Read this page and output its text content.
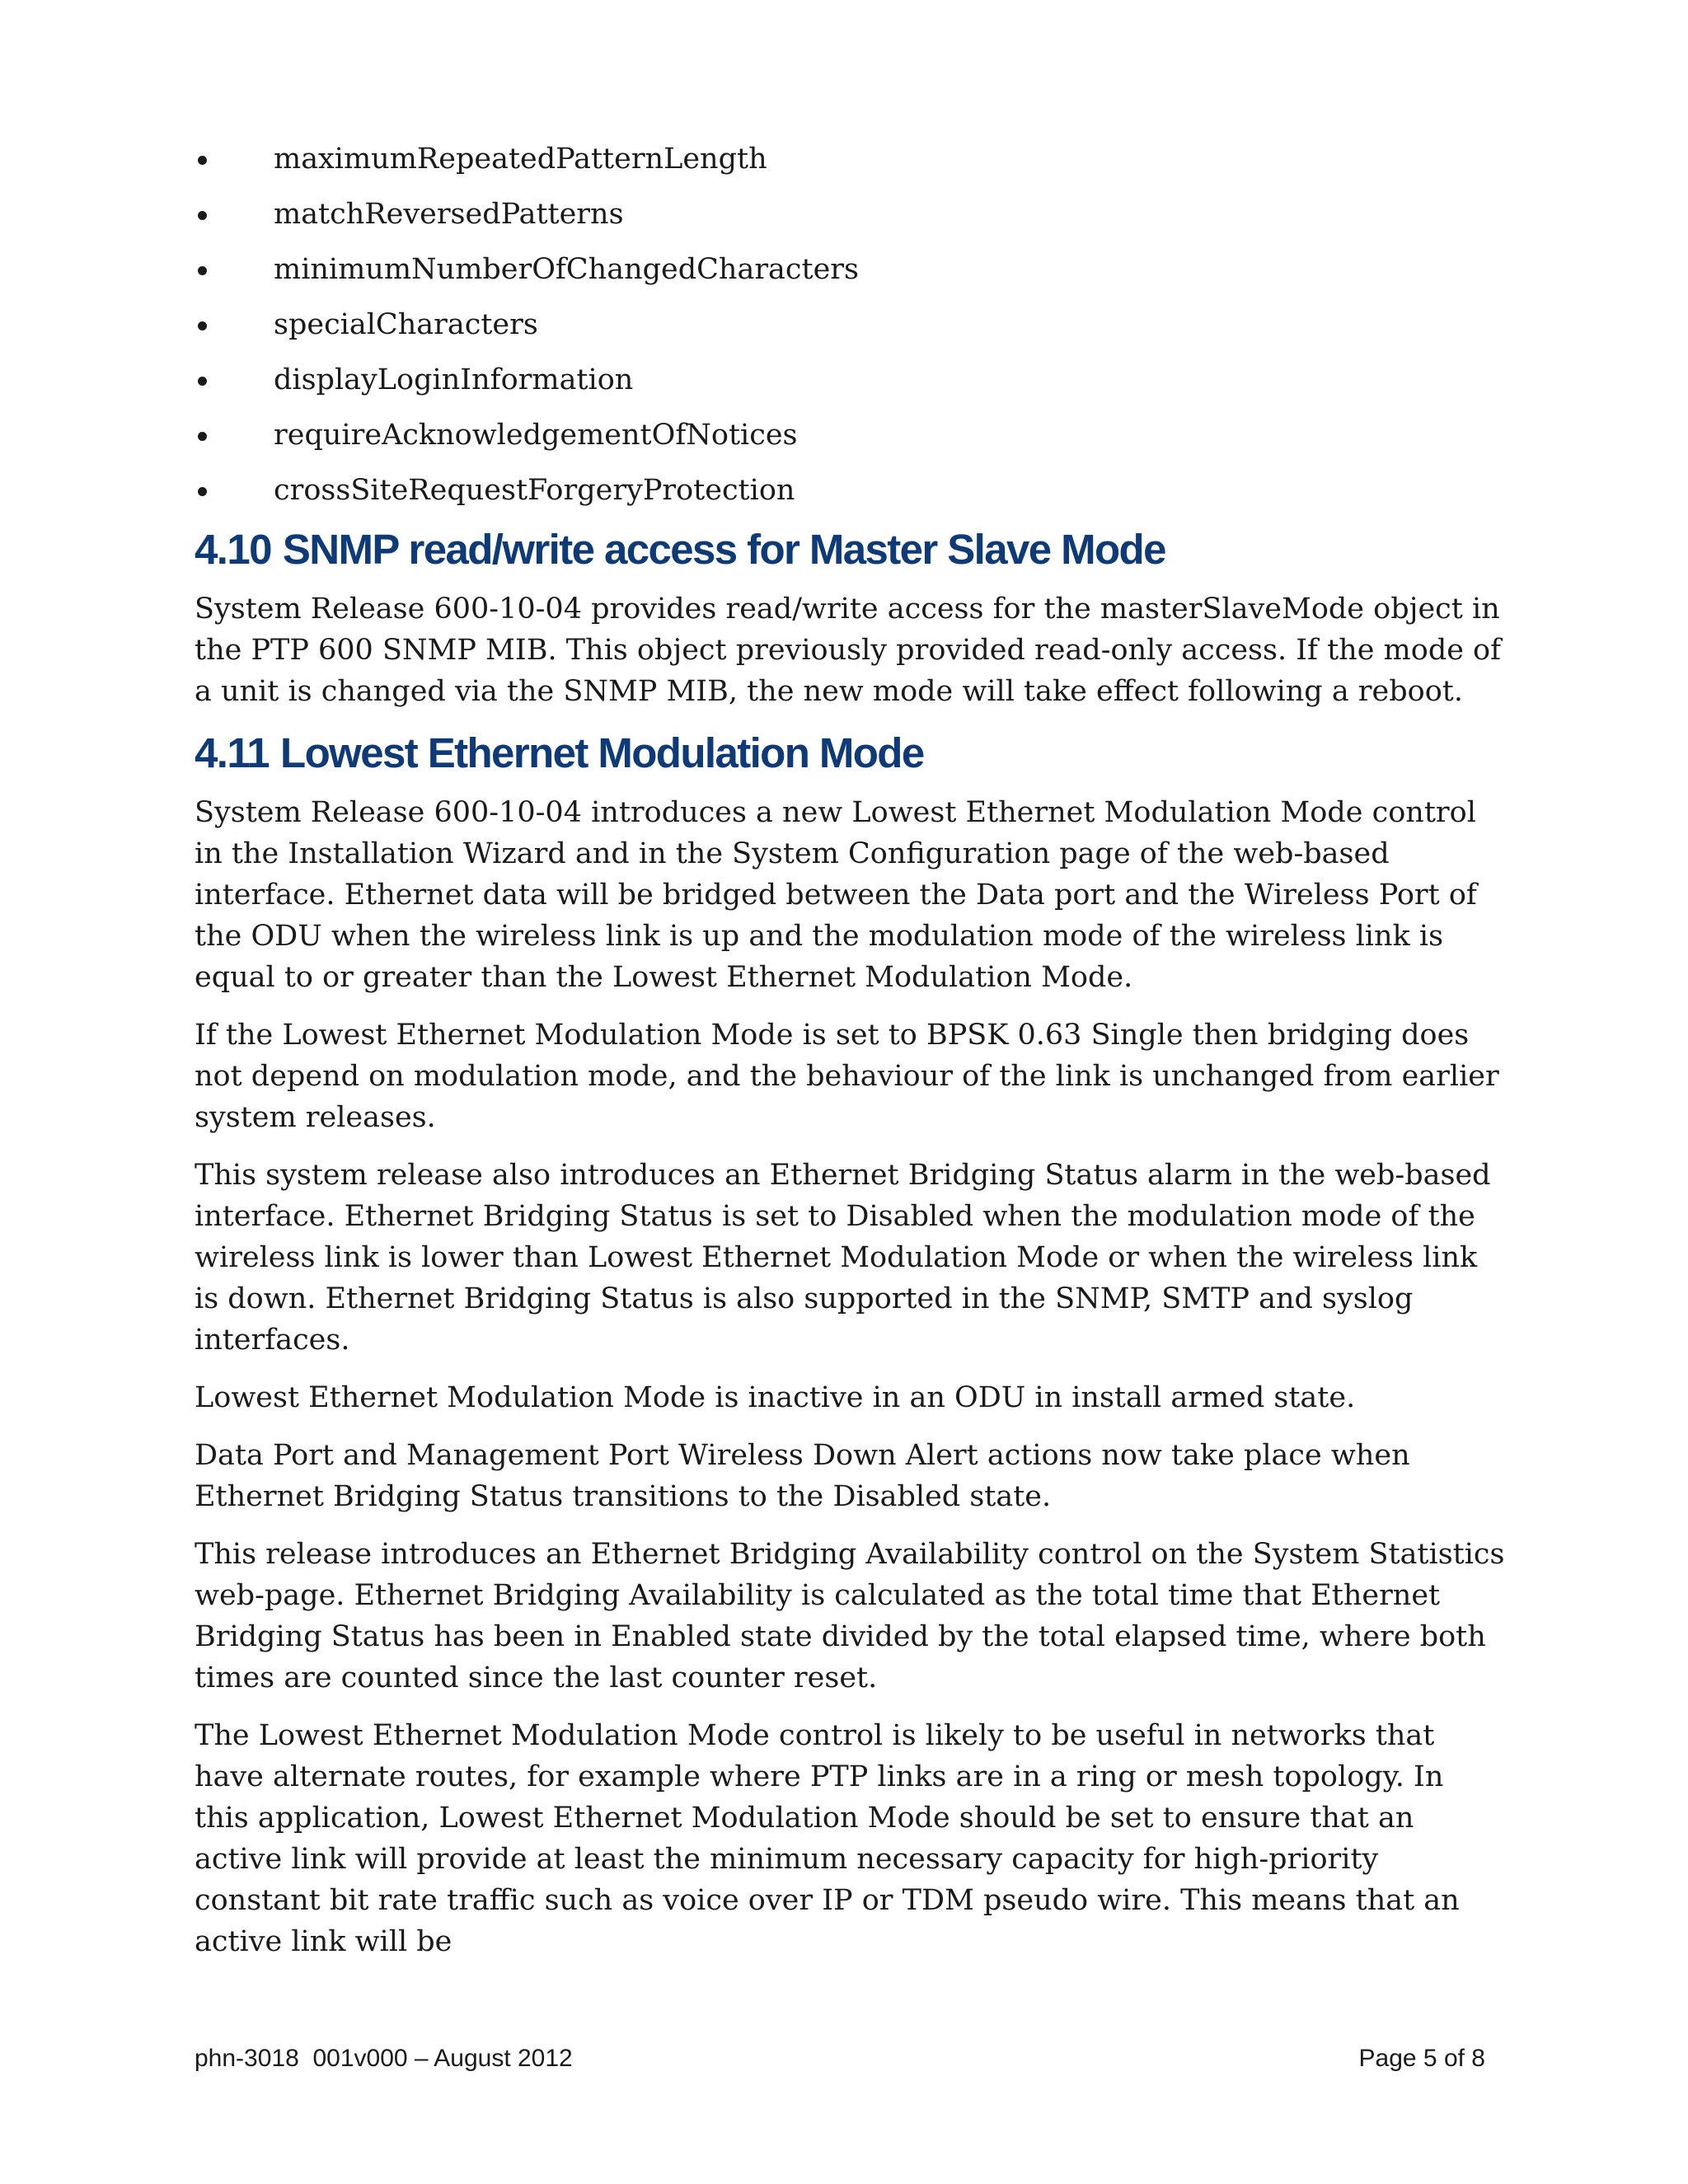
maximumRepeatedPatternLength
matchReversedPatterns
minimumNumberOfChangedCharacters
specialCharacters
displayLoginInformation
requireAcknowledgementOfNotices
crossSiteRequestForgeryProtection
4.10 SNMP read/write access for Master Slave Mode

System Release 600-10-04 provides read/write access for the masterSlaveMode object in the PTP 600 SNMP MIB. This object previously provided read-only access. If the mode of a unit is changed via the SNMP MIB, the new mode will take effect following a reboot.

4.11 Lowest Ethernet Modulation Mode

System Release 600-10-04 introduces a new Lowest Ethernet Modulation Mode control in the Installation Wizard and in the System Configuration page of the web-based interface. Ethernet data will be bridged between the Data port and the Wireless Port of the ODU when the wireless link is up and the modulation mode of the wireless link is equal to or greater than the Lowest Ethernet Modulation Mode.

If the Lowest Ethernet Modulation Mode is set to BPSK 0.63 Single then bridging does not depend on modulation mode, and the behaviour of the link is unchanged from earlier system releases.

This system release also introduces an Ethernet Bridging Status alarm in the web-based interface. Ethernet Bridging Status is set to Disabled when the modulation mode of the wireless link is lower than Lowest Ethernet Modulation Mode or when the wireless link is down. Ethernet Bridging Status is also supported in the SNMP, SMTP and syslog interfaces.

Lowest Ethernet Modulation Mode is inactive in an ODU in install armed state.

Data Port and Management Port Wireless Down Alert actions now take place when Ethernet Bridging Status transitions to the Disabled state.

This release introduces an Ethernet Bridging Availability control on the System Statistics web-page. Ethernet Bridging Availability is calculated as the total time that Ethernet Bridging Status has been in Enabled state divided by the total elapsed time, where both times are counted since the last counter reset.

The Lowest Ethernet Modulation Mode control is likely to be useful in networks that have alternate routes, for example where PTP links are in a ring or mesh topology. In this application, Lowest Ethernet Modulation Mode should be set to ensure that an active link will provide at least the minimum necessary capacity for high-priority constant bit rate traffic such as voice over IP or TDM pseudo wire. This means that an active link will be

phn-3018  001v000 – August 2012	Page 5 of 8
